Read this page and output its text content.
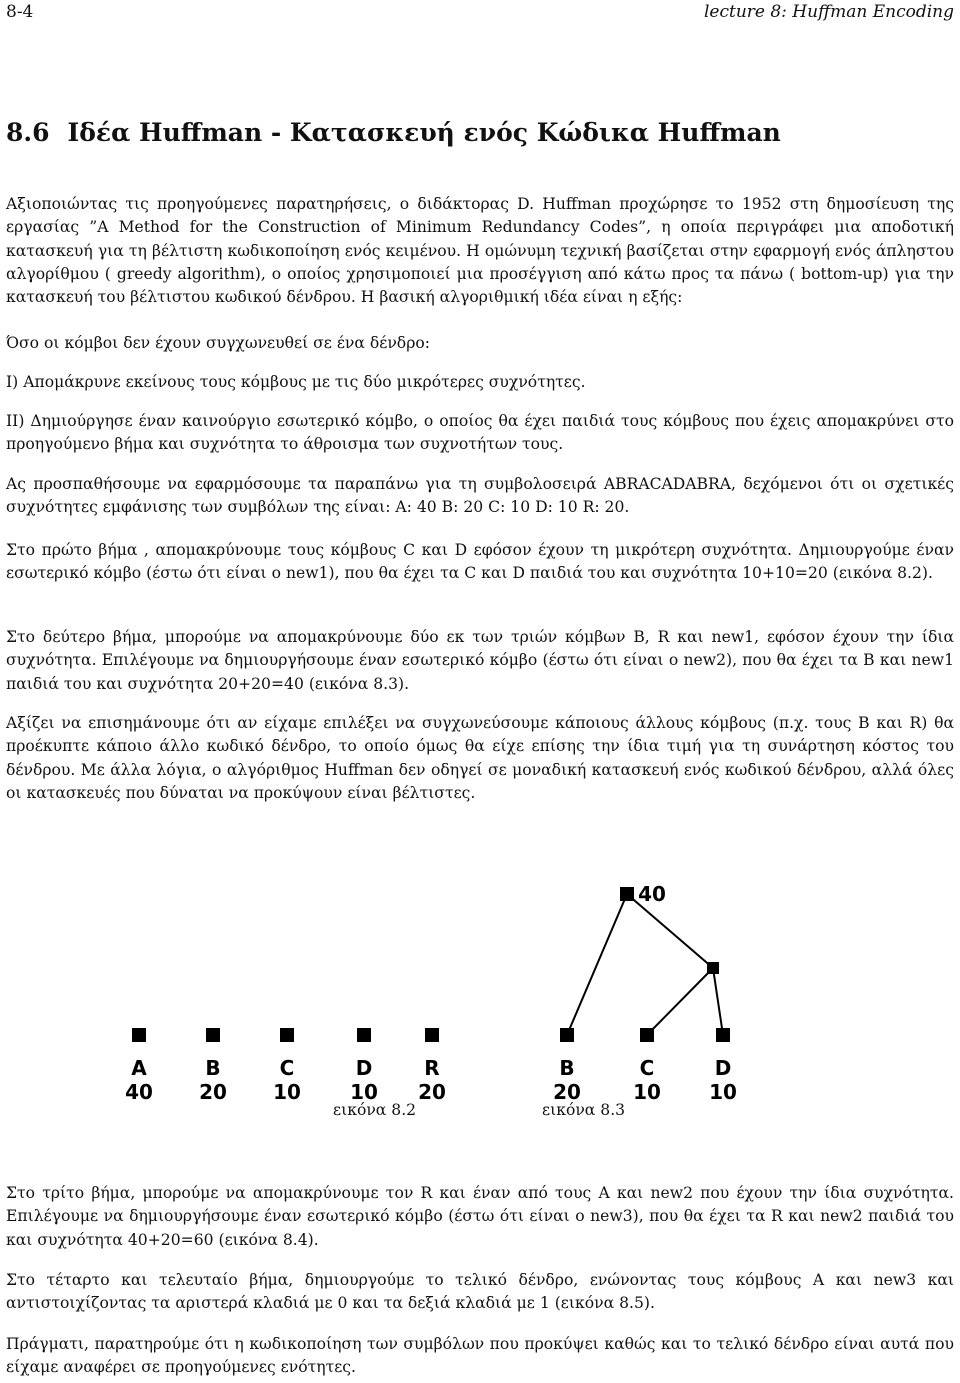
8-4	lecture 8: Huffman Encoding
8.6 Ιδέα Huffman - Κατασκευή ενός Κώδικα Huffman

Αξιοποιώντας τις προηγούμενες παρατηρήσεις, ο διδάκτορας D. Huffman προχώρησε το 1952 στη δημοσίευση της εργασίας ”A Method for the Construction of Minimum Redundancy Codes”, η οποία περιγράφει μια αποδοτική κατασκευή για τη βέλτιστη κωδικοποίηση ενός κειμένου. Η ομώνυμη τεχνική βασίζεται στην εφαρμογή ενός άπληστου αλγορίθμου ( greedy algorithm), ο οποίος χρησιμοποιεί μια προσέγγιση από κάτω προς τα πάνω ( bottom-up) για την κατασκευή του βέλτιστου κωδικού δένδρου. Η βασική αλγοριθμική ιδέα είναι η εξής:

Όσο οι κόμβοι δεν έχουν συγχωνευθεί σε ένα δένδρο:

I) Απομάκρυνε εκείνους τους κόμβους με τις δύο μικρότερες συχνότητες.

II) Δημιούργησε έναν καινούργιο εσωτερικό κόμβο, ο οποίος θα έχει παιδιά τους κόμβους που έχεις απομακρύνει στο προηγούμενο βήμα και συχνότητα το άθροισμα των συχνοτήτων τους.

Ας προσπαθήσουμε να εφαρμόσουμε τα παραπάνω για τη συμβολοσειρά ABRACADABRA, δεχόμενοι ότι οι σχετικές συχνότητες εμφάνισης των συμβόλων της είναι: A: 40 B: 20 C: 10 D: 10 R: 20.

Στο πρώτο βήμα , απομακρύνουμε τους κόμβους C και D εφόσον έχουν τη μικρότερη συχνότητα. Δημιουργούμε έναν εσωτερικό κόμβο (έστω ότι είναι ο new1), που θα έχει τα C και D παιδιά του και συχνότητα 10+10=20 (εικόνα 8.2).

Στο δεύτερο βήμα, μπορούμε να απομακρύνουμε δύο εκ των τριών κόμβων B, R και new1, εφόσον έχουν την ίδια συχνότητα. Επιλέγουμε να δημιουργήσουμε έναν εσωτερικό κόμβο (έστω ότι είναι ο new2), που θα έχει τα B και new1 παιδιά του και συχνότητα 20+20=40 (εικόνα 8.3).

Αξίζει να επισημάνουμε ότι αν είχαμε επιλέξει να συγχωνεύσουμε κάποιους άλλους κόμβους (π.χ. τους B και R) θα προέκυπτε κάποιο άλλο κωδικό δένδρο, το οποίο όμως θα είχε επίσης την ίδια τιμή για τη συνάρτηση κόστος του δένδρου. Με άλλα λόγια, ο αλγόριθμος Huffman δεν οδηγεί σε μοναδική κατασκευή ενός κωδικού δένδρου, αλλά όλες οι κατασκευές που δύναται να προκύψουν είναι βέλτιστες.

A
40
B
20
C
10
D
10
R
20
40
B
20
C
10
D
10
εικόνα 8.2	εικόνα 8.3

Στο τρίτο βήμα, μπορούμε να απομακρύνουμε τον R και έναν από τους A και new2 που έχουν την ίδια συχνότητα. Επιλέγουμε να δημιουργήσουμε έναν εσωτερικό κόμβο (έστω ότι είναι ο new3), που θα έχει τα R και new2 παιδιά του και συχνότητα 40+20=60 (εικόνα 8.4).

Στο τέταρτο και τελευταίο βήμα, δημιουργούμε το τελικό δένδρο, ενώνοντας τους κόμβους A και new3 και αντιστοιχίζοντας τα αριστερά κλαδιά με 0 και τα δεξιά κλαδιά με 1 (εικόνα 8.5).

Πράγματι, παρατηρούμε ότι η κωδικοποίηση των συμβόλων που προκύψει καθώς και το τελικό δένδρο είναι αυτά που είχαμε αναφέρει σε προηγούμενες ενότητες.
